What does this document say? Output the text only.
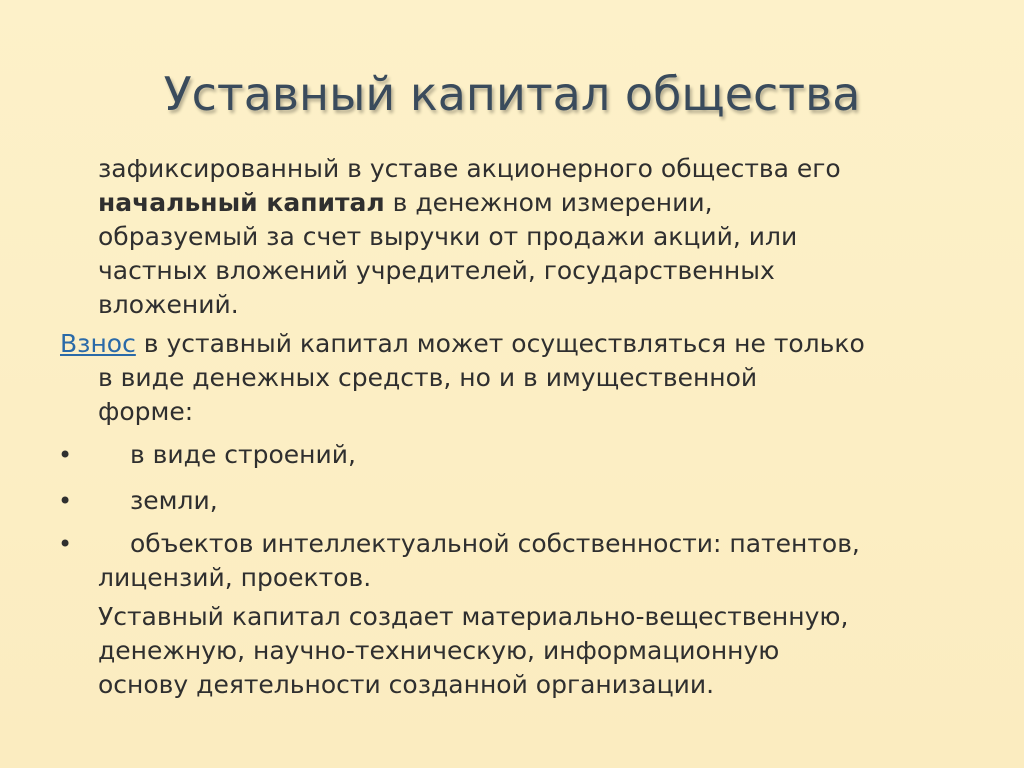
Уставный капитал общества
зафиксированный в уставе акционерного общества его
начальный капитал в денежном измерении,
образуемый за счет выручки от продажи акций, или
частных вложений учредителей, государственных
вложений.
Взнос в уставный капитал может осуществляться не только
в виде денежных средств, но и в имущественной
форме:
• в виде строений,
• земли,
• объектов интеллектуальной собственности: патентов,
лицензий, проектов.
Уставный капитал создает материально-вещественную,
денежную, научно-техническую, информационную
основу деятельности созданной организации.
